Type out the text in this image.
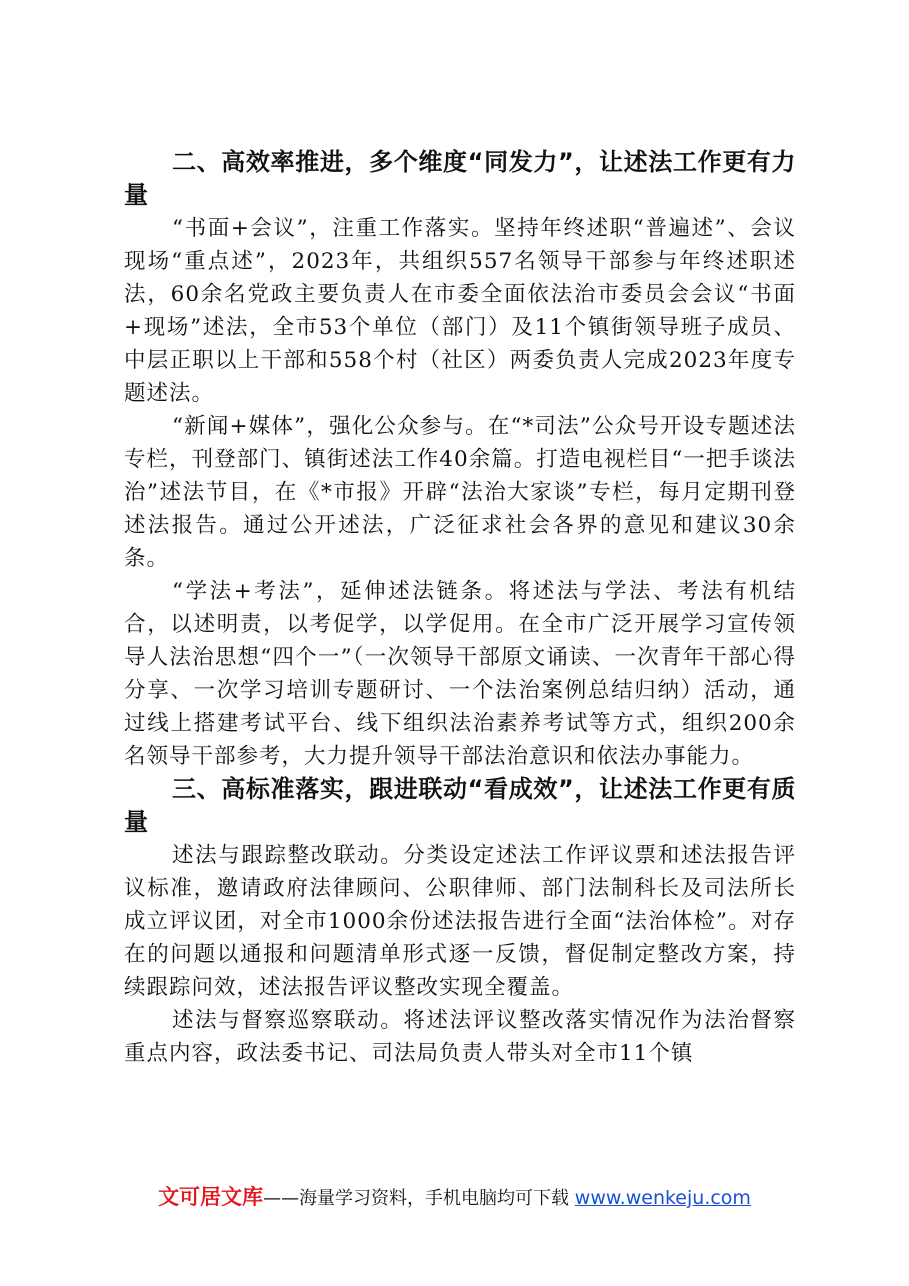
二、高效率推进，多个维度“同发力”，让述法工作更有力量

“书面+会议”，注重工作落实。坚持年终述职“普遍述”、会议现场“重点述”，2023年，共组织557名领导干部参与年终述职述法，60余名党政主要负责人在市委全面依法治市委员会会议“书面+现场”述法，全市53个单位（部门）及11个镇街领导班子成员、中层正职以上干部和558个村（社区）两委负责人完成2023年度专题述法。

“新闻+媒体”，强化公众参与。在“*司法”公众号开设专题述法专栏，刊登部门、镇街述法工作40余篇。打造电视栏目“一把手谈法治”述法节目，在《*市报》开辟“法治大家谈”专栏，每月定期刊登述法报告。通过公开述法，广泛征求社会各界的意见和建议30余条。

“学法+考法”，延伸述法链条。将述法与学法、考法有机结合，以述明责，以考促学，以学促用。在全市广泛开展学习宣传领导人法治思想“四个一”（一次领导干部原文诵读、一次青年干部心得分享、一次学习培训专题研讨、一个法治案例总结归纳）活动，通过线上搭建考试平台、线下组织法治素养考试等方式，组织200余名领导干部参考，大力提升领导干部法治意识和依法办事能力。

三、高标准落实，跟进联动“看成效”，让述法工作更有质量

述法与跟踪整改联动。分类设定述法工作评议票和述法报告评议标准，邀请政府法律顾问、公职律师、部门法制科长及司法所长成立评议团，对全市1000余份述法报告进行全面“法治体检”。对存在的问题以通报和问题清单形式逐一反馈，督促制定整改方案，持续跟踪问效，述法报告评议整改实现全覆盖。

述法与督察巡察联动。将述法评议整改落实情况作为法治督察重点内容，政法委书记、司法局负责人带头对全市11个镇

文可居文库——海量学习资料，手机电脑均可下载 www.wenkeju.com
